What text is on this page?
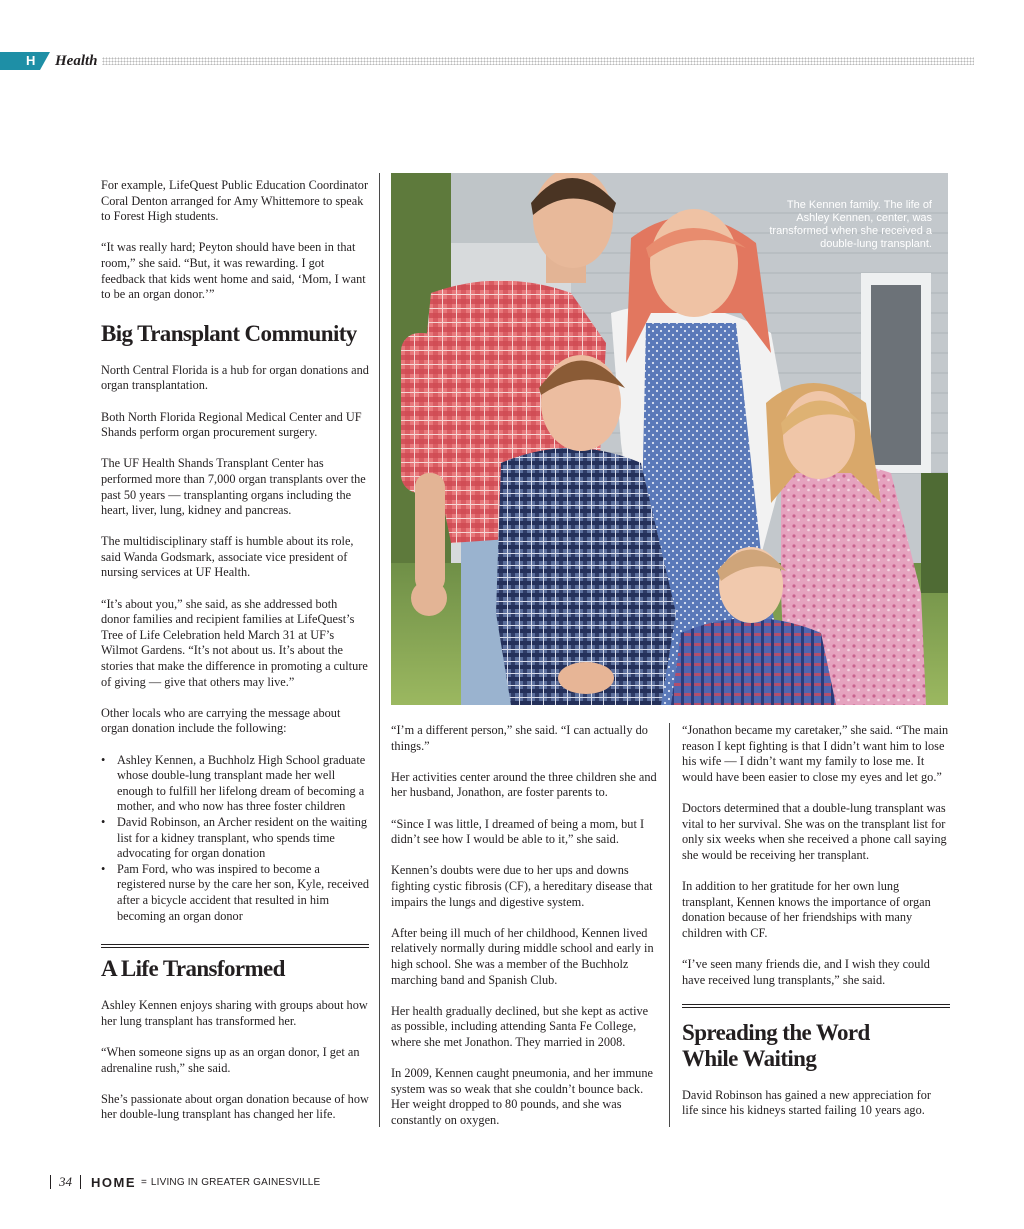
H Health

For example, LifeQuest Public Education Coordinator Coral Denton arranged for Amy Whittemore to speak to Forest High students.

“It was really hard; Peyton should have been in that room,” she said. “But, it was rewarding. I got feedback that kids went home and said, ‘Mom, I want to be an organ donor.’”

Big Transplant Community

North Central Florida is a hub for organ donations and organ transplantation.

Both North Florida Regional Medical Center and UF Shands perform organ procurement surgery.

The UF Health Shands Transplant Center has performed more than 7,000 organ transplants over the past 50 years — transplanting organs including the heart, liver, lung, kidney and pancreas.

The multidisciplinary staff is humble about its role, said Wanda Godsmark, associate vice president of nursing services at UF Health.

“It’s about you,” she said, as she addressed both donor families and recipient families at LifeQuest’s Tree of Life Celebration held March 31 at UF’s Wilmot Gardens. “It’s not about us. It’s about the stories that make the difference in promoting a culture of giving — give that others may live.”

Other locals who are carrying the message about organ donation include the following:

• Ashley Kennen, a Buchholz High School graduate whose double-lung transplant made her well enough to fulfill her lifelong dream of becoming a mother, and who now has three foster children
• David Robinson, an Archer resident on the waiting list for a kidney transplant, who spends time advocating for organ donation
• Pam Ford, who was inspired to become a registered nurse by the care her son, Kyle, received after a bicycle accident that resulted in him becoming an organ donor
A Life Transformed

Ashley Kennen enjoys sharing with groups about how her lung transplant has transformed her.

“When someone signs up as an organ donor, I get an adrenaline rush,” she said.

She’s passionate about organ donation because of how her double-lung transplant has changed her life.

The Kennen family. The life of Ashley Kennen, center, was transformed when she received a double-lung transplant.

“I’m a different person,” she said. “I can actually do things.”

Her activities center around the three children she and her husband, Jonathon, are foster parents to.

“Since I was little, I dreamed of being a mom, but I didn’t see how I would be able to it,” she said.

Kennen’s doubts were due to her ups and downs fighting cystic fibrosis (CF), a hereditary disease that impairs the lungs and digestive system.

After being ill much of her childhood, Kennen lived relatively normally during middle school and early in high school. She was a member of the Buchholz marching band and Spanish Club.

Her health gradually declined, but she kept as active as possible, including attending Santa Fe College, where she met Jonathon. They married in 2008.

In 2009, Kennen caught pneumonia, and her immune system was so weak that she couldn’t bounce back. Her weight dropped to 80 pounds, and she was constantly on oxygen.

“Jonathon became my caretaker,” she said. “The main reason I kept fighting is that I didn’t want him to lose his wife — I didn’t want my family to lose me. It would have been easier to close my eyes and let go.”

Doctors determined that a double-lung transplant was vital to her survival. She was on the transplant list for only six weeks when she received a phone call saying she would be receiving her transplant.

In addition to her gratitude for her own lung transplant, Kennen knows the importance of organ donation because of her friendships with many children with CF.

“I’ve seen many friends die, and I wish they could have received lung transplants,” she said.

Spreading the Word
While Waiting

David Robinson has gained a new appreciation for life since his kidneys started failing 10 years ago.

34 HOME = LIVING IN GREATER GAINESVILLE
